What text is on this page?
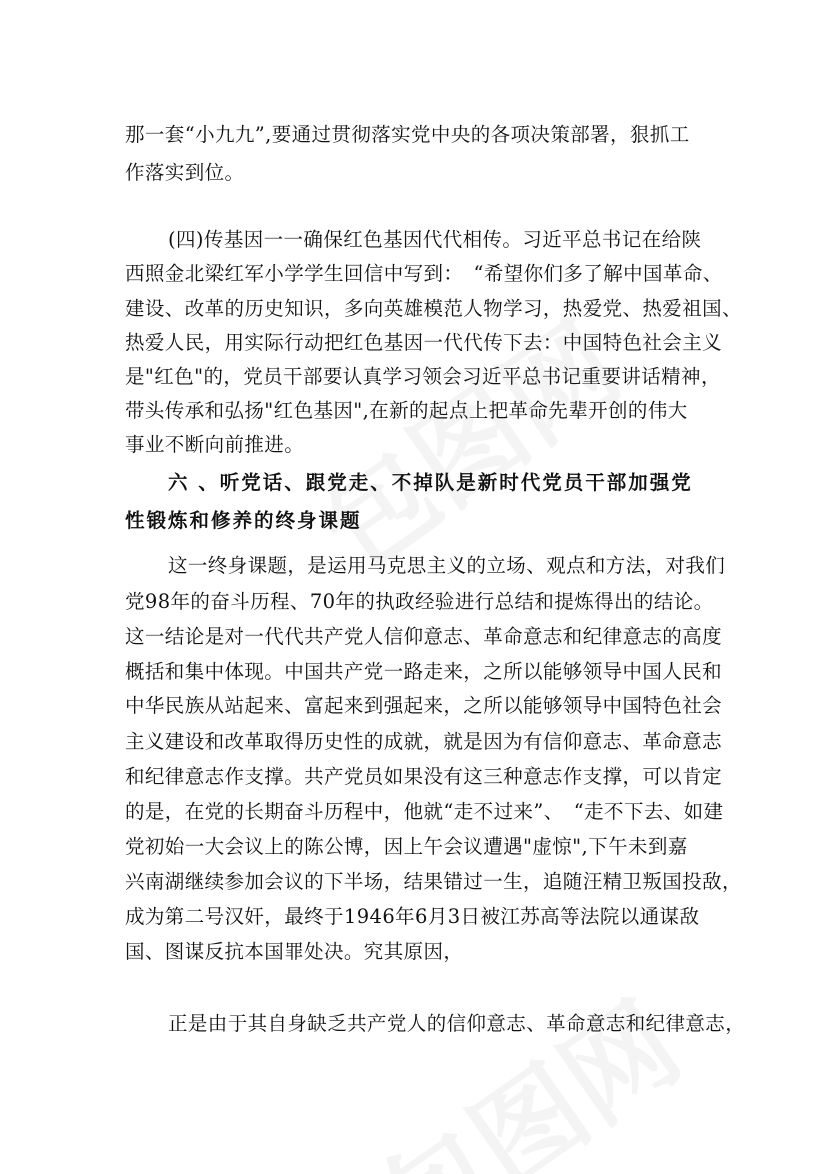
那一套“小九九”,要通过贯彻落实党中央的各项决策部署，狠抓工
作落实到位。
(四)传基因一一确保红色基因代代相传。习近平总书记在给陕
西照金北梁红军小学学生回信中写到：　“希望你们多了解中国革命、
建设、改革的历史知识，多向英雄模范人物学习，热爱党、热爱祖国、
热爱人民，用实际行动把红色基因一代代传下去：中国特色社会主义
是"红色"的，党员干部要认真学习领会习近平总书记重要讲话精神，
带头传承和弘扬"红色基因",在新的起点上把革命先辈开创的伟大
事业不断向前推进。
六 、听党话、跟党走、不掉队是新时代党员干部加强党
性锻炼和修养的终身课题
这一终身课题，是运用马克思主义的立场、观点和方法，对我们
党98年的奋斗历程、70年的执政经验进行总结和提炼得出的结论。
这一结论是对一代代共产党人信仰意志、革命意志和纪律意志的高度
概括和集中体现。中国共产党一路走来，之所以能够领导中国人民和
中华民族从站起来、富起来到强起来，之所以能够领导中国特色社会
主义建设和改革取得历史性的成就，就是因为有信仰意志、革命意志
和纪律意志作支撑。共产党员如果没有这三种意志作支撑，可以肯定
的是，在党的长期奋斗历程中，他就“走不过来”、　“走不下去、如建
党初始一大会议上的陈公博，因上午会议遭遇"虚惊",下午未到嘉
兴南湖继续参加会议的下半场，结果错过一生，追随汪精卫叛国投敌，
成为第二号汉奸，最终于1946年6月3日被江苏高等法院以通谋敌
国、图谋反抗本国罪处决。究其原因，
正是由于其自身缺乏共产党人的信仰意志、革命意志和纪律意志，
